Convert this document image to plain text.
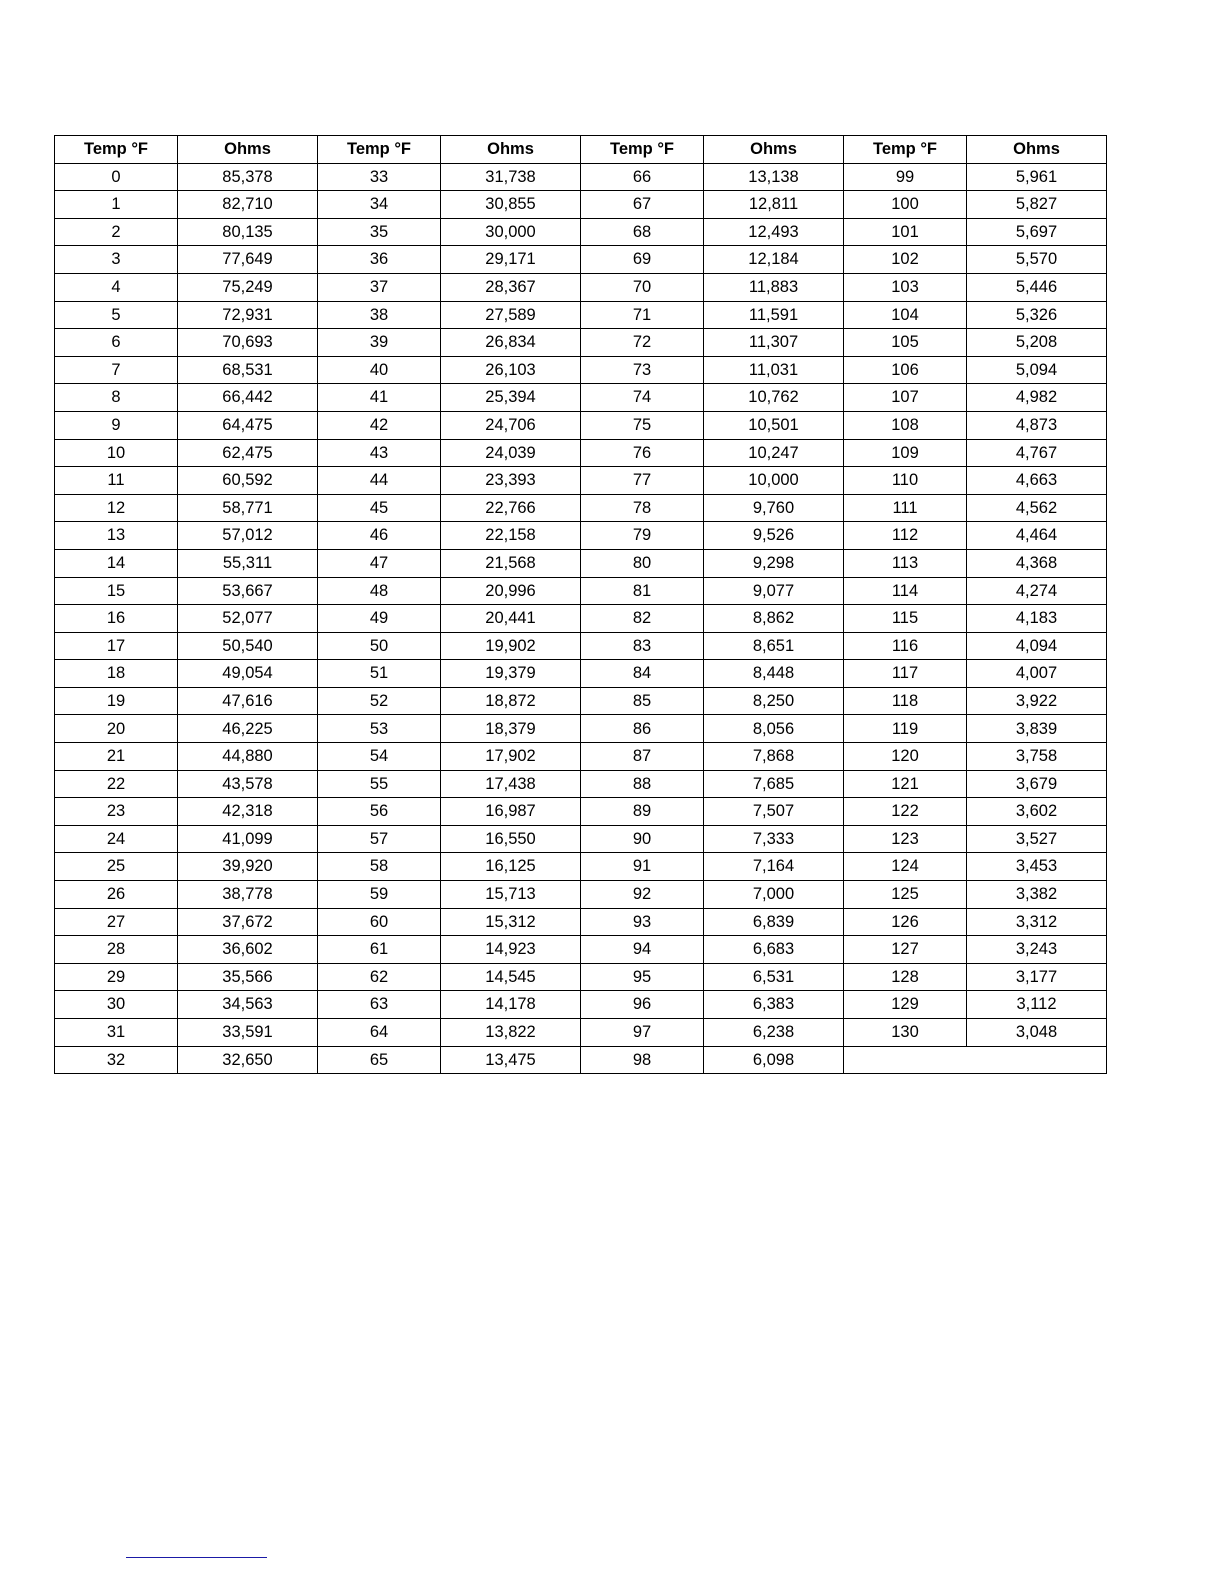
Temp °F	Ohms	Temp °F	Ohms	Temp °F	Ohms	Temp °F	Ohms
0	85,378	33	31,738	66	13,138	99	5,961
1	82,710	34	30,855	67	12,811	100	5,827
2	80,135	35	30,000	68	12,493	101	5,697
3	77,649	36	29,171	69	12,184	102	5,570
4	75,249	37	28,367	70	11,883	103	5,446
5	72,931	38	27,589	71	11,591	104	5,326
6	70,693	39	26,834	72	11,307	105	5,208
7	68,531	40	26,103	73	11,031	106	5,094
8	66,442	41	25,394	74	10,762	107	4,982
9	64,475	42	24,706	75	10,501	108	4,873
10	62,475	43	24,039	76	10,247	109	4,767
11	60,592	44	23,393	77	10,000	110	4,663
12	58,771	45	22,766	78	9,760	111	4,562
13	57,012	46	22,158	79	9,526	112	4,464
14	55,311	47	21,568	80	9,298	113	4,368
15	53,667	48	20,996	81	9,077	114	4,274
16	52,077	49	20,441	82	8,862	115	4,183
17	50,540	50	19,902	83	8,651	116	4,094
18	49,054	51	19,379	84	8,448	117	4,007
19	47,616	52	18,872	85	8,250	118	3,922
20	46,225	53	18,379	86	8,056	119	3,839
21	44,880	54	17,902	87	7,868	120	3,758
22	43,578	55	17,438	88	7,685	121	3,679
23	42,318	56	16,987	89	7,507	122	3,602
24	41,099	57	16,550	90	7,333	123	3,527
25	39,920	58	16,125	91	7,164	124	3,453
26	38,778	59	15,713	92	7,000	125	3,382
27	37,672	60	15,312	93	6,839	126	3,312
28	36,602	61	14,923	94	6,683	127	3,243
29	35,566	62	14,545	95	6,531	128	3,177
30	34,563	63	14,178	96	6,383	129	3,112
31	33,591	64	13,822	97	6,238	130	3,048
32	32,650	65	13,475	98	6,098		
